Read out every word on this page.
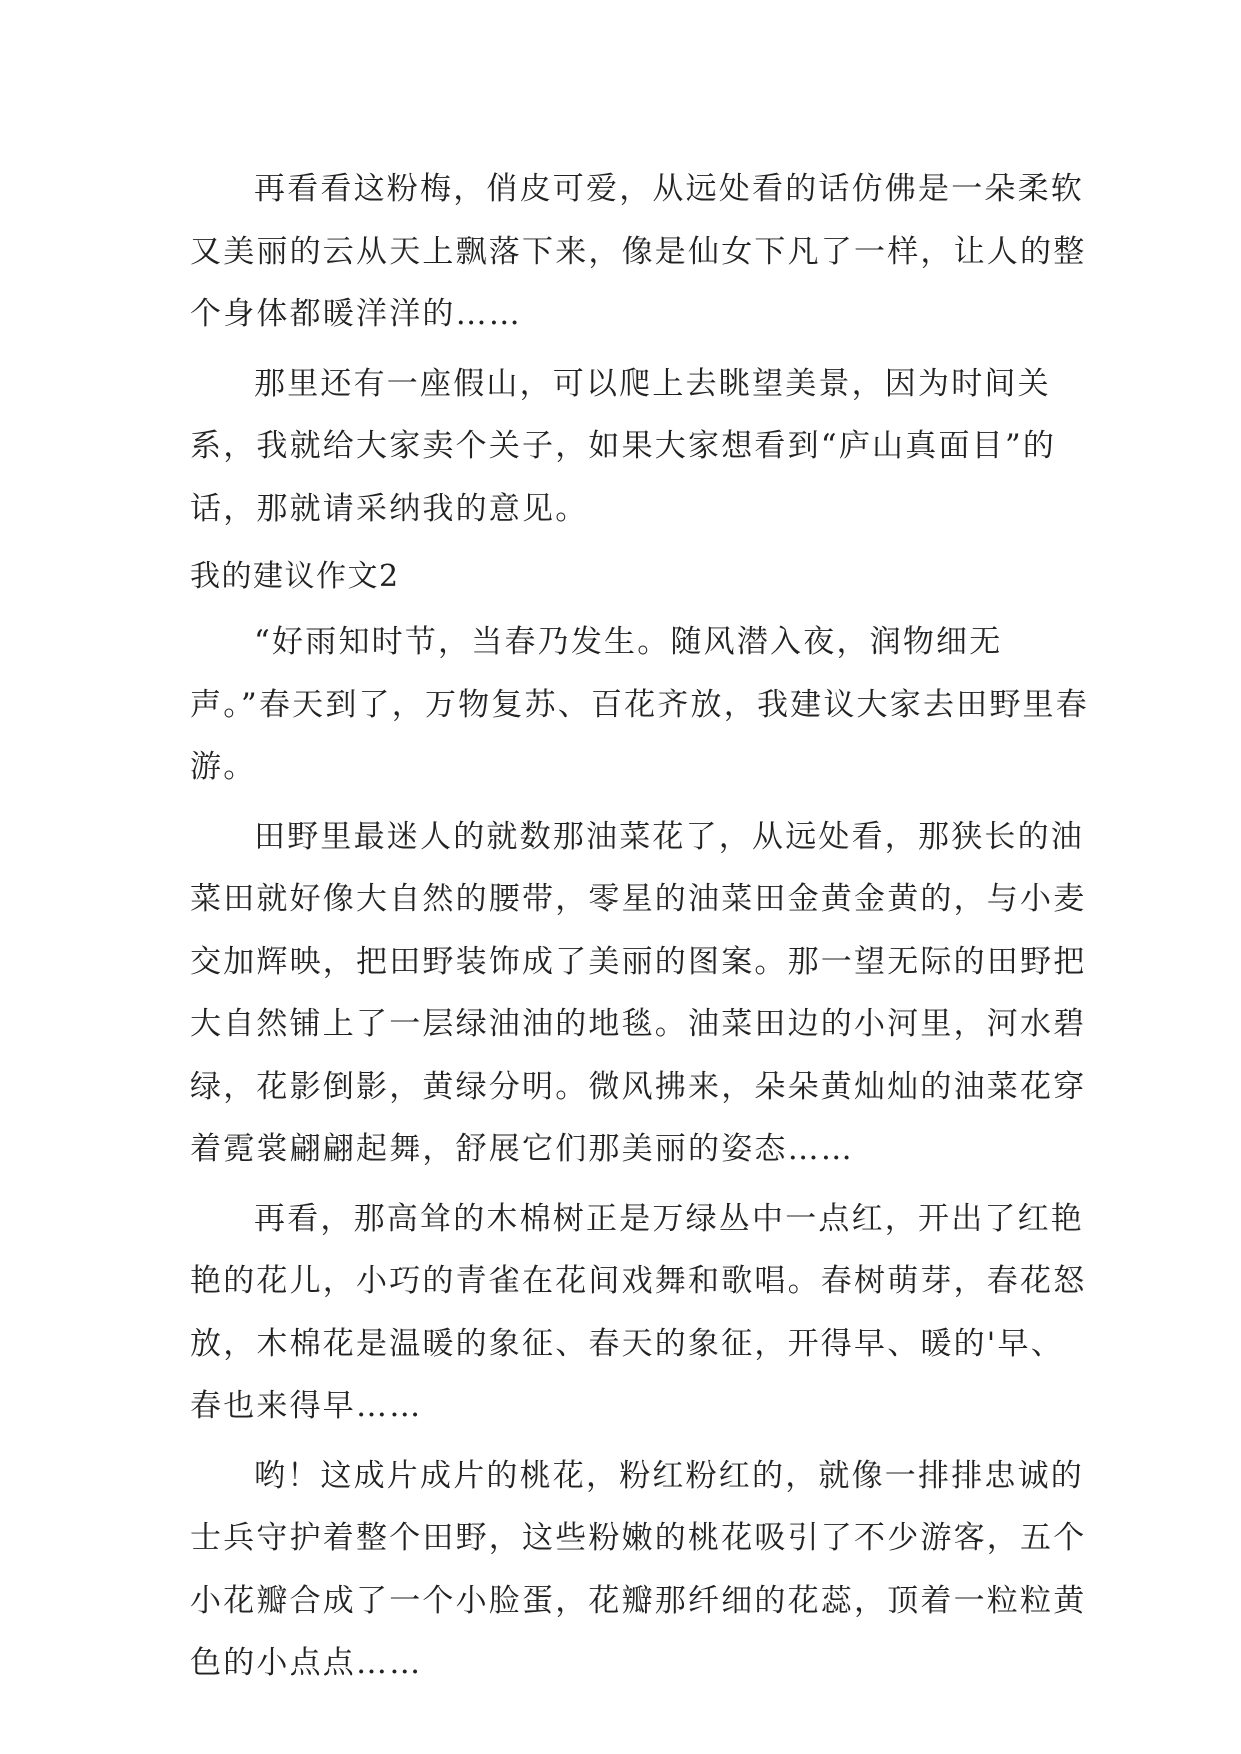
再看看这粉梅，俏皮可爱，从远处看的话仿佛是一朵柔软又美丽的云从天上飘落下来，像是仙女下凡了一样，让人的整个身体都暖洋洋的……

那里还有一座假山，可以爬上去眺望美景，因为时间关系，我就给大家卖个关子，如果大家想看到“庐山真面目”的话，那就请采纳我的意见。

我的建议作文2

“好雨知时节，当春乃发生。随风潜入夜，润物细无声。”春天到了，万物复苏、百花齐放，我建议大家去田野里春游。

田野里最迷人的就数那油菜花了，从远处看，那狭长的油菜田就好像大自然的腰带，零星的油菜田金黄金黄的，与小麦交加辉映，把田野装饰成了美丽的图案。那一望无际的田野把大自然铺上了一层绿油油的地毯。油菜田边的小河里，河水碧绿，花影倒影，黄绿分明。微风拂来，朵朵黄灿灿的油菜花穿着霓裳翩翩起舞，舒展它们那美丽的姿态……

再看，那高耸的木棉树正是万绿丛中一点红，开出了红艳艳的花儿，小巧的青雀在花间戏舞和歌唱。春树萌芽，春花怒放，木棉花是温暖的象征、春天的象征，开得早、暖的'早、春也来得早……

哟！这成片成片的桃花，粉红粉红的，就像一排排忠诚的士兵守护着整个田野，这些粉嫩的桃花吸引了不少游客，五个小花瓣合成了一个小脸蛋，花瓣那纤细的花蕊，顶着一粒粒黄色的小点点……
